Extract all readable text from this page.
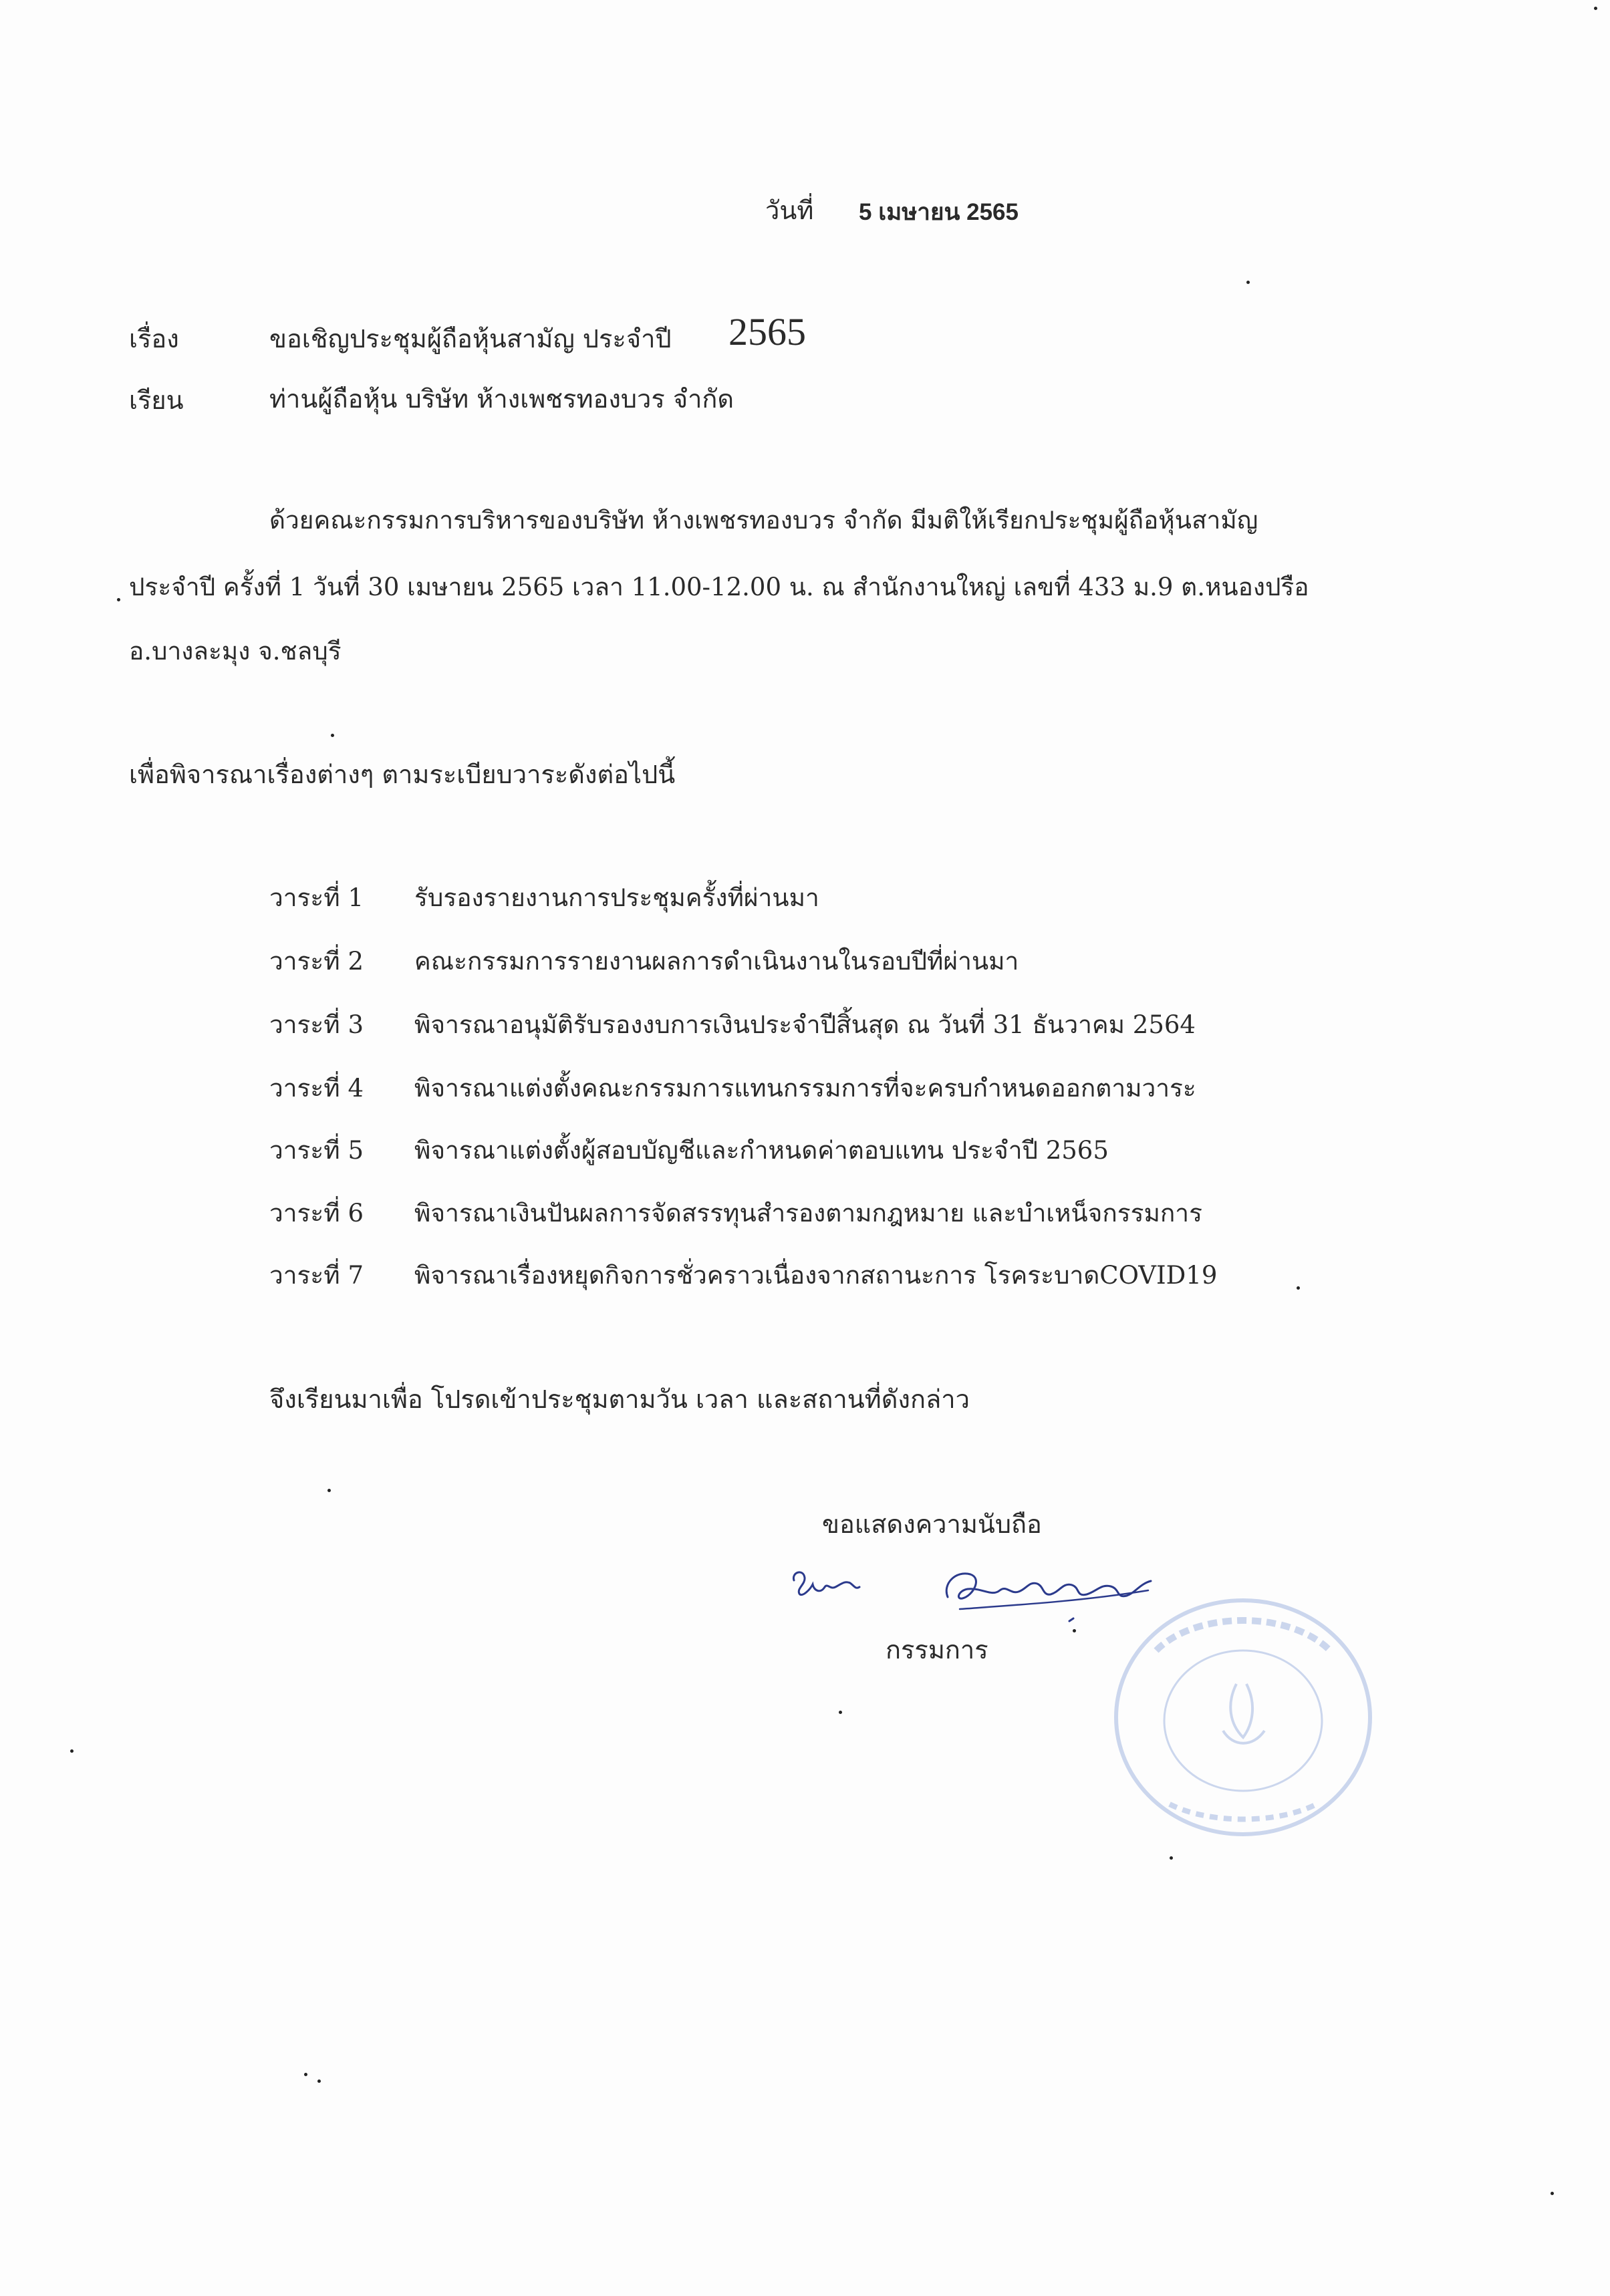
วันที่ 5 เมษายน 2565
เรื่อง	ขอเชิญประชุมผู้ถือหุ้นสามัญ ประจำปี 2565
เรียน	ท่านผู้ถือหุ้น บริษัท ห้างเพชรทองบวร จำกัด
ด้วยคณะกรรมการบริหารของบริษัท ห้างเพชรทองบวร จำกัด มีมติให้เรียกประชุมผู้ถือหุ้นสามัญ
ประจำปี ครั้งที่ 1 วันที่ 30 เมษายน 2565 เวลา 11.00-12.00 น. ณ สำนักงานใหญ่ เลขที่ 433 ม.9 ต.หนองปรือ
อ.บางละมุง จ.ชลบุรี
เพื่อพิจารณาเรื่องต่างๆ ตามระเบียบวาระดังต่อไปนี้
วาระที่ 1 รับรองรายงานการประชุมครั้งที่ผ่านมา
วาระที่ 2 คณะกรรมการรายงานผลการดำเนินงานในรอบปีที่ผ่านมา
วาระที่ 3 พิจารณาอนุมัติรับรองงบการเงินประจำปีสิ้นสุด ณ วันที่ 31 ธันวาคม 2564
วาระที่ 4 พิจารณาแต่งตั้งคณะกรรมการแทนกรรมการที่จะครบกำหนดออกตามวาระ
วาระที่ 5 พิจารณาแต่งตั้งผู้สอบบัญชีและกำหนดค่าตอบแทน ประจำปี 2565
วาระที่ 6 พิจารณาเงินปันผลการจัดสรรทุนสำรองตามกฎหมาย และบำเหน็จกรรมการ
วาระที่ 7 พิจารณาเรื่องหยุดกิจการชั่วคราวเนื่องจากสถานะการ โรคระบาดCOVID19
จึงเรียนมาเพื่อ โปรดเข้าประชุมตามวัน เวลา และสถานที่ดังกล่าว
ขอแสดงความนับถือ
กรรมการ
